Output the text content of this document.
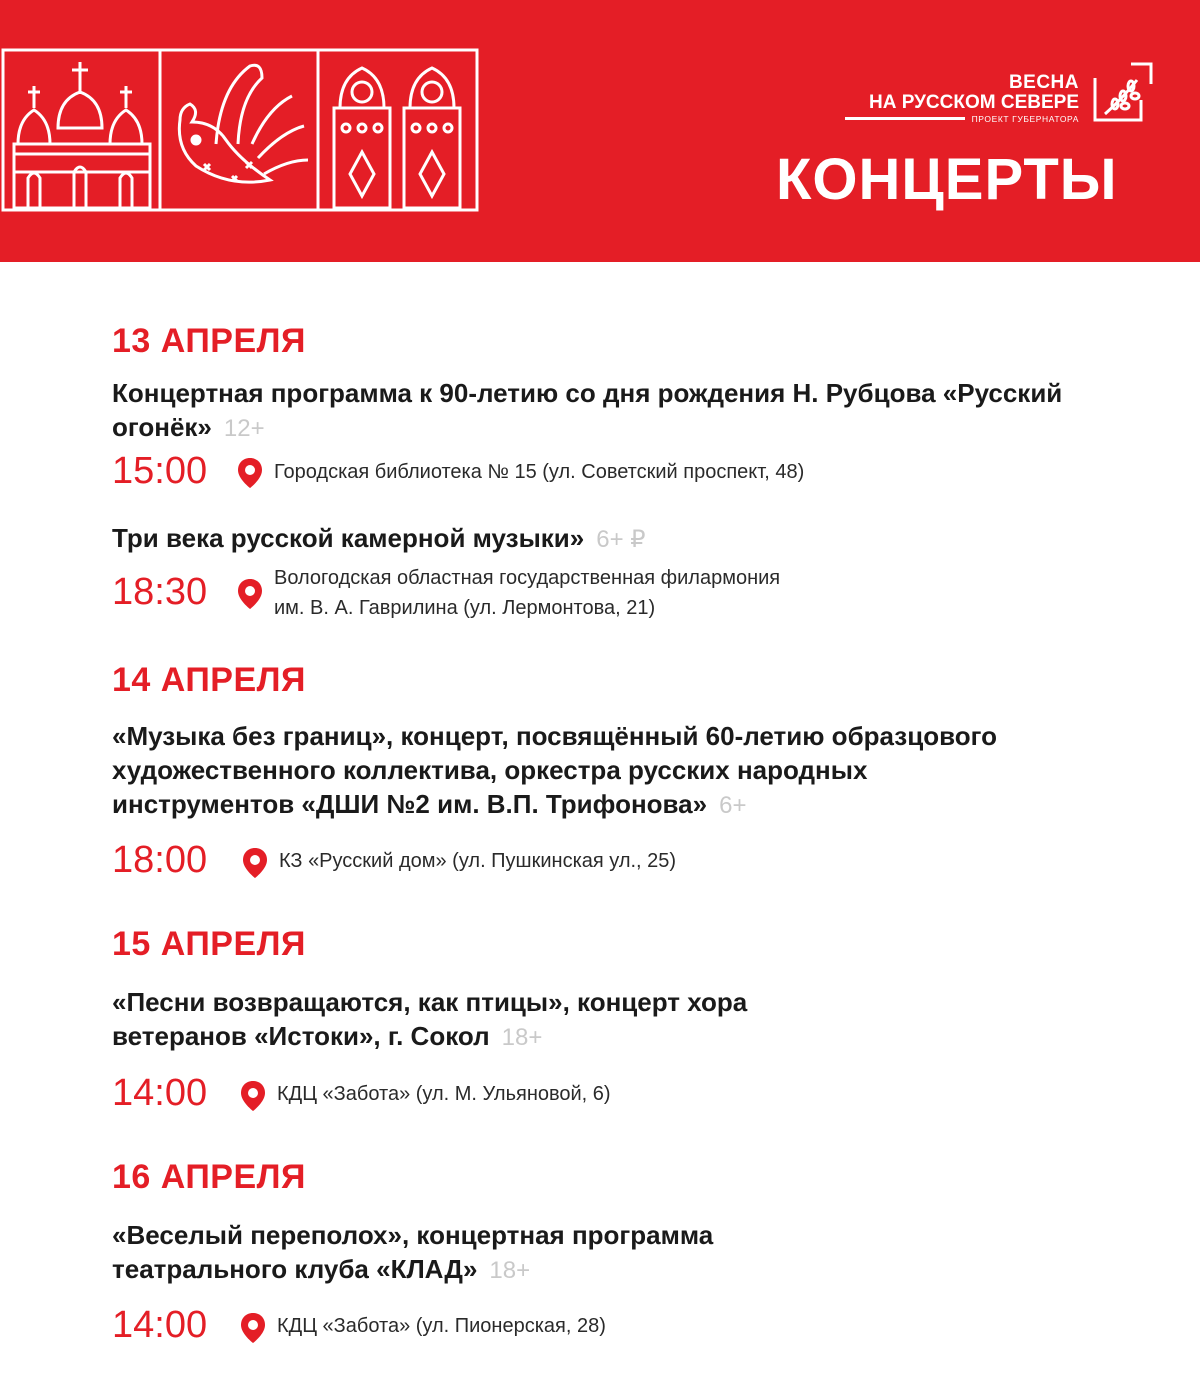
ВЕСНА
НА РУССКОМ СЕВЕРЕ
ПРОЕКТ ГУБЕРНАТОРА
КОНЦЕРТЫ
13 АПРЕЛЯ
Концертная программа к 90-летию со дня рождения Н. Рубцова «Русский огонёк» 12+
15:00	Городская библиотека № 15 (ул. Советский проспект, 48)
Три века русской камерной музыки» 6+ ₽
18:30	Вологодская областная государственная филармония
им. В. А. Гаврилина (ул. Лермонтова, 21)
14 АПРЕЛЯ
«Музыка без границ», концерт, посвящённый 60-летию образцового художественного коллектива, оркестра русских народных инструментов «ДШИ №2 им. В.П. Трифонова» 6+
18:00	КЗ «Русский дом» (ул. Пушкинская ул., 25)
15 АПРЕЛЯ
«Песни возвращаются, как птицы», концерт хора ветеранов «Истоки», г. Сокол 18+
14:00	КДЦ «Забота» (ул. М. Ульяновой, 6)
16 АПРЕЛЯ
«Веселый переполох», концертная программа театрального клуба «КЛАД» 18+
14:00	КДЦ «Забота» (ул. Пионерская, 28)
